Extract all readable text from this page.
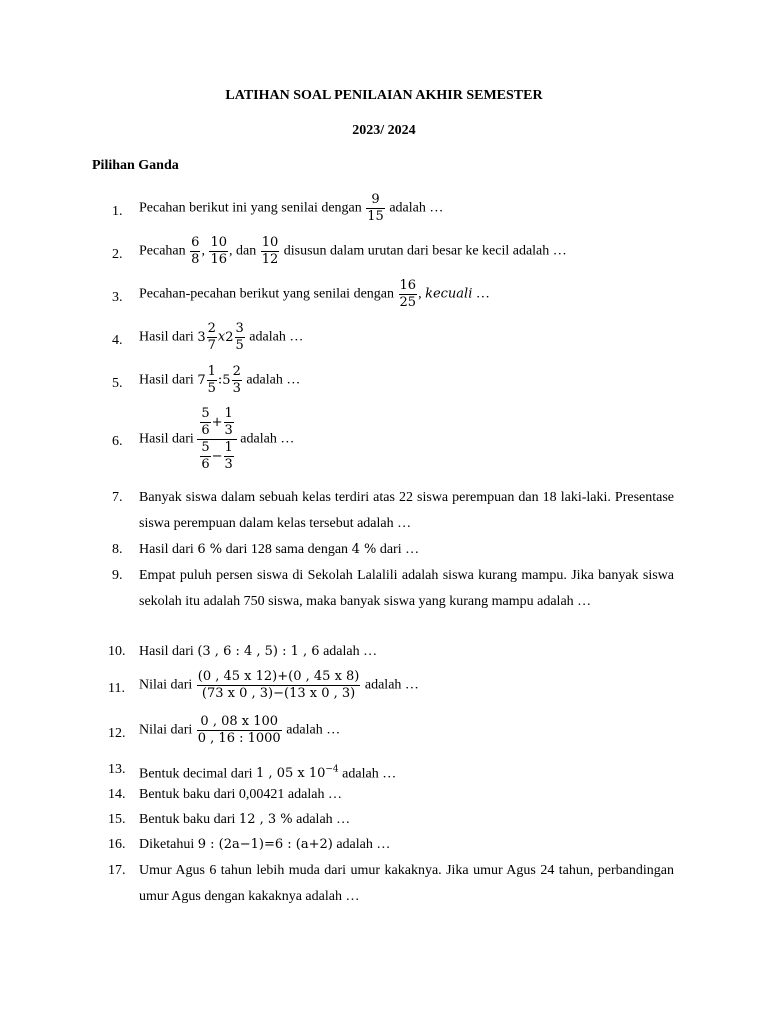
LATIHAN SOAL PENILAIAN AKHIR SEMESTER
2023/ 2024
Pilihan Ganda
1.	Pecahan berikut ini yang senilai dengan $\frac{9}{15}$ adalah …
2.	Pecahan $\frac{6}{8}$ , $\frac{10}{16}$ , dan $\frac{10}{12}$ disusun dalam urutan dari besar ke kecil adalah …
3.	Pecahan-pecahan berikut yang senilai dengan $\frac{16}{25}$ , kecuali …
4.	Hasil dari $3 \frac{2}{7}$ x $2 \frac{3}{5}$ adalah …
5.	Hasil dari $7 \frac{1}{5}$ : $5 \frac{2}{3}$ adalah …
6.	Hasil dari $\frac{\frac{5}{6} + \frac{1}{3}}{\frac{5}{6} - \frac{1}{3}}$ adalah …
7.	Banyak siswa dalam sebuah kelas terdiri atas 22 siswa perempuan dan 18 laki-laki. Presentase siswa perempuan dalam kelas tersebut adalah …
8.	Hasil dari 6 % dari 128 sama dengan 4 % dari …
9.	Empat puluh persen siswa di Sekolah Lalalili adalah siswa kurang mampu. Jika banyak siswa sekolah itu adalah 750 siswa, maka banyak siswa yang kurang mampu adalah …
10. Hasil dari (3 , 6 : 4 , 5) : 1 , 6 adalah …
11.	Nilai dari $\frac{(0 , 45 x 12)+(0 , 45 x 8)}{(73 x 0 , 3)-(13 x 0 , 3)}$ adalah …
12. Nilai dari $\frac{0 , 08 x 100}{0 , 16 : 1000}$ adalah …
13. Bentuk decimal dari 1 , 05 x $10^{-4}$ adalah …
14. Bentuk baku dari 0,00421 adalah …
15. Bentuk baku dari 12 , 3 % adalah …
16. Diketahui 9 : (2a−1)=6 : (a+2) adalah …
17. Umur Agus 6 tahun lebih muda dari umur kakaknya. Jika umur Agus 24 tahun, perbandingan umur Agus dengan kakaknya adalah …
